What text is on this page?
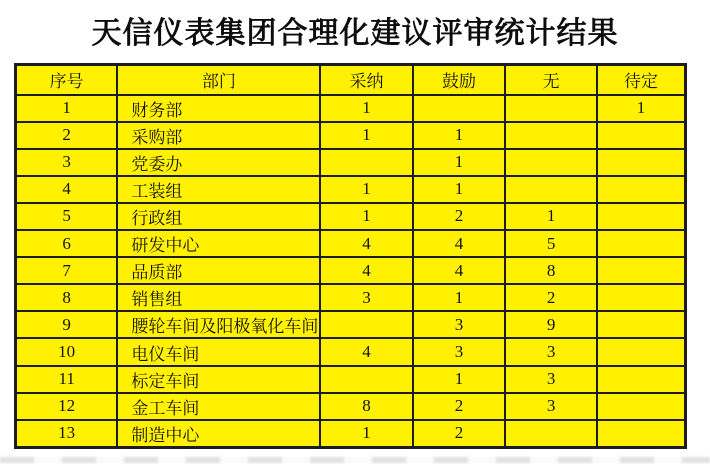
天信仪表集团合理化建议评审统计结果
序号	部门	采纳	鼓励	无	待定
1	财务部	1			1
2	采购部	1	1		
3	党委办		1		
4	工装组	1	1		
5	行政组	1	2	1	
6	研发中心	4	4	5	
7	品质部	4	4	8	
8	销售组	3	1	2	
9	腰轮车间及阳极氧化车间		3	9	
10	电仪车间	4	3	3	
11	标定车间		1	3	
12	金工车间	8	2	3	
13	制造中心	1	2		
